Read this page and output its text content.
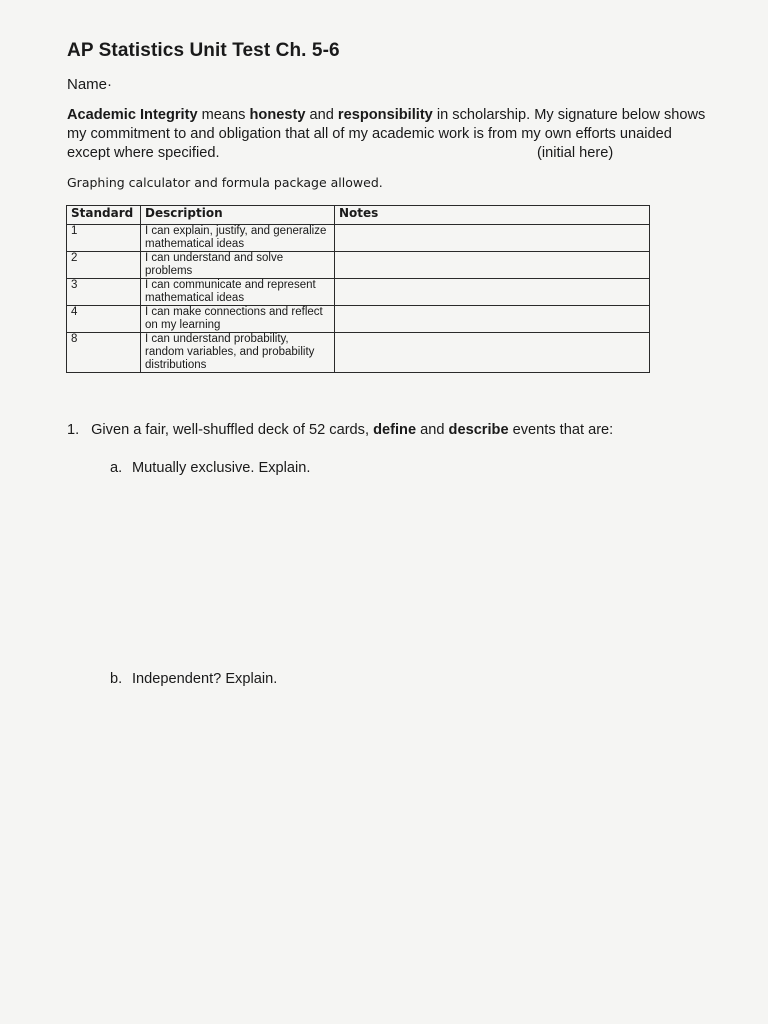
AP Statistics Unit Test Ch. 5-6
Name·
Academic Integrity means honesty and responsibility in scholarship. My signature below shows my commitment to and obligation that all of my academic work is from my own efforts unaided except where specified.	(initial here)
Graphing calculator and formula package allowed.
Standard	Description	Notes
1	I can explain, justify, and generalize mathematical ideas	
2	I can understand and solve problems	
3	I can communicate and represent mathematical ideas	
4	I can make connections and reflect on my learning	
8	I can understand probability, random variables, and probability distributions	
1. Given a fair, well-shuffled deck of 52 cards, define and describe events that are:
a. Mutually exclusive. Explain.
b. Independent? Explain.
